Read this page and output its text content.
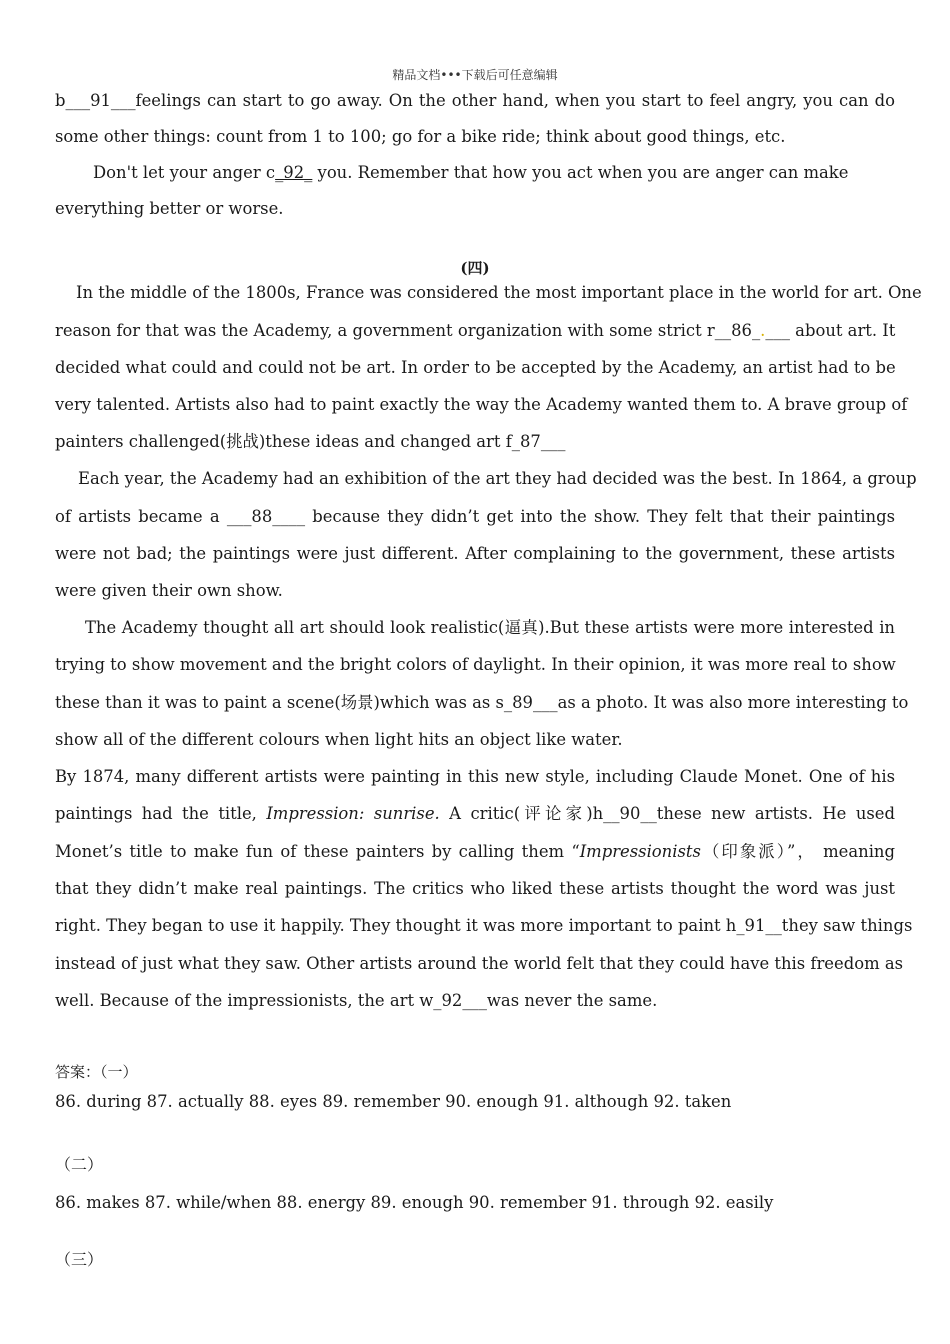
精品文档•••下载后可任意编辑
b___91___feelings can start to go away. On the other hand, when you start to feel angry, you can do
some other things: count from 1 to 100; go for a bike ride; think about good things, etc.
Don't let your anger c_92_ you. Remember that how you act when you are anger can make
everything better or worse.
(四)
In the middle of the 1800s, France was considered the most important place in the world for art. One
reason for that was the Academy, a government organization with some strict r__86_.___ about art. It
decided what could and could not be art. In order to be accepted by the Academy, an artist had to be
very talented. Artists also had to paint exactly the way the Academy wanted them to. A brave group of
painters challenged(挑战)these ideas and changed art f_87___
Each year, the Academy had an exhibition of the art they had decided was the best. In 1864, a group
of artists became a ___88____ because they didn’t get into the show. They felt that their paintings
were not bad; the paintings were just different. After complaining to the government, these artists
were given their own show.
The Academy thought all art should look realistic(逼真).But these artists were more interested in
trying to show movement and the bright colors of daylight. In their opinion, it was more real to show
these than it was to paint a scene(场景)which was as s_89___as a photo. It was also more interesting to
show all of the different colours when light hits an object like water.
By 1874, many different artists were painting in this new style, including Claude Monet. One of his
paintings had the title, Impression: sunrise. A critic(评论家)h__90__these new artists. He used
Monet’s title to make fun of these painters by calling them “Impressionists（印象派）”， meaning
that they didn’t make real paintings. The critics who liked these artists thought the word was just
right. They began to use it happily. They thought it was more important to paint h_91__they saw things
instead of just what they saw. Other artists around the world felt that they could have this freedom as
well. Because of the impressionists, the art w_92___was never the same.
答案：（一）
86. during 87. actually 88. eyes 89. remember 90. enough 91. although 92. taken
（二）
86. makes 87. while/when 88. energy 89. enough 90. remember 91. through 92. easily
（三）
